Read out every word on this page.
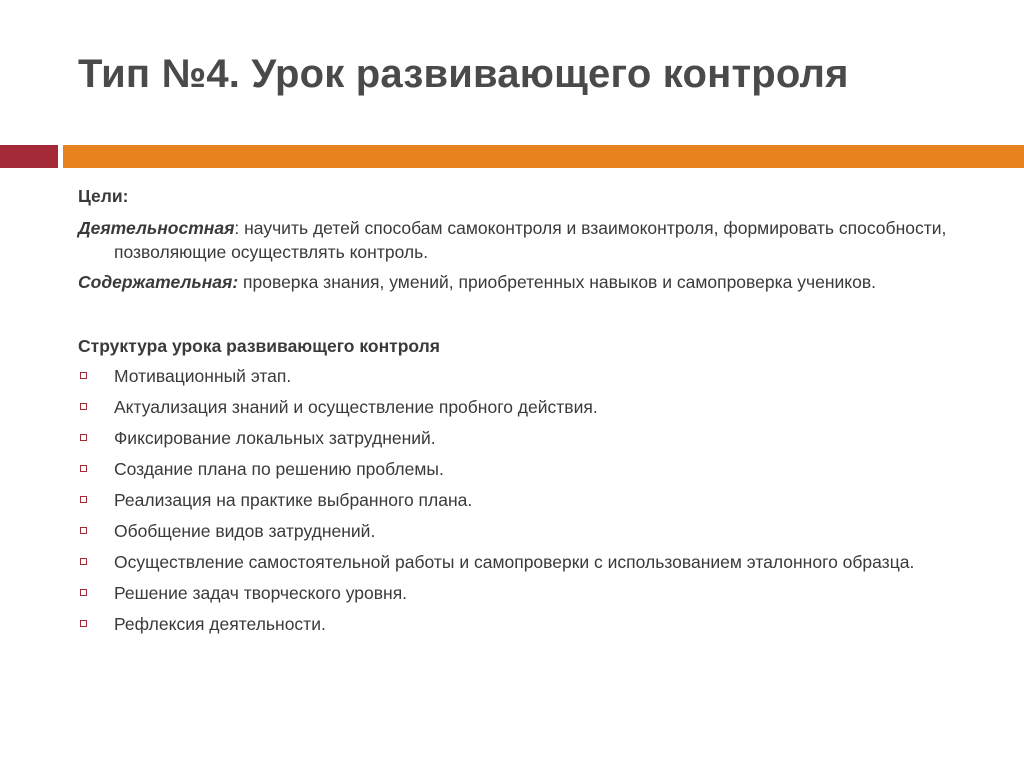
Тип №4. Урок развивающего контроля
Цели:
Деятельностная: научить детей способам самоконтроля и взаимоконтроля, формировать способности, позволяющие осуществлять контроль.
Содержательная: проверка знания, умений, приобретенных навыков и самопроверка учеников.
Структура урока развивающего контроля
Мотивационный этап.
Актуализация знаний и осуществление пробного действия.
Фиксирование локальных затруднений.
Создание плана по решению проблемы.
Реализация на практике выбранного плана.
Обобщение видов затруднений.
Осуществление самостоятельной работы и самопроверки с использованием эталонного образца.
Решение задач творческого уровня.
Рефлексия деятельности.
